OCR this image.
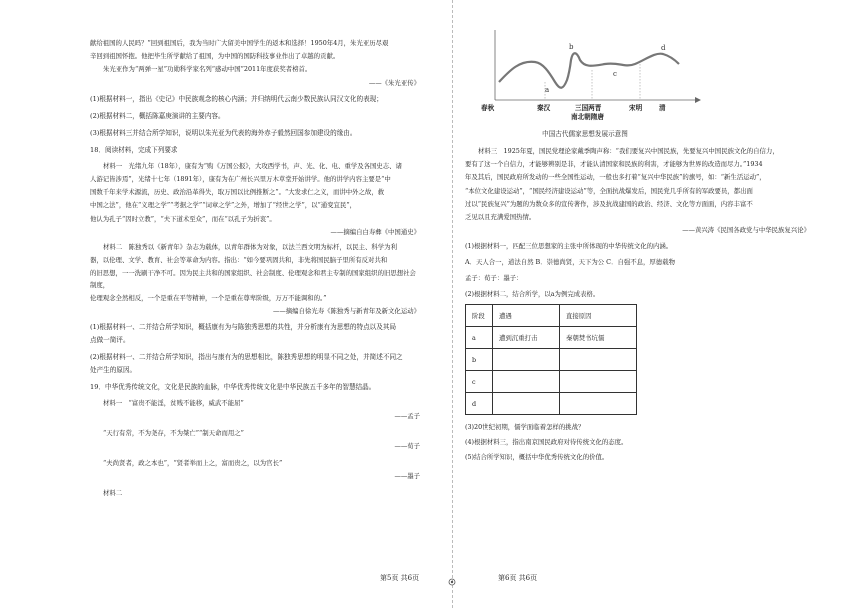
献给祖国的人民吗？”回到祖国后，我为当时广大留美中国学生的返本和选择！1950年4月，朱光亚历尽艰

辛回到祖国怀抱。他把毕生所学献给了祖国，为中国的国防科技事业作出了卓越的贡献。

朱光亚作为“两弹一星”功勋科学家名列“感动中国”2011年度获奖者榜首。

——《朱光亚传》

(1)根据材料一，指出《史记》中民族观念的核心内涵；并归纳明代云南少数民族认同汉文化的表现；

(2)根据材料二，概括陈嘉庚演讲的主要内容。

(3)根据材料三并结合所学知识，说明以朱光亚为代表的海外赤子毅然回国参加建设的缘由。

18．阅读材料，完成下列要求

材料一　光绪九年（18年），康有为“购《万国公报》，大攻西学书，声、光、化、电、重学及各国史志、诸

人游记皆涉焉”，光绪十七年（1891年），康有为在广州长兴里万木草堂开始讲学。他的讲学内容主要是“中

国数千年来学术源流，历史、政治沿革得失，取万国以比例推断之”。“大发求仁之义，而讲中外之故，救

中国之法”，他在“义理之学”“考据之学”“词章之学”之外，增加了“经世之学”，以“通变宜民”，

他认为孔子“因时立教”，“夫下道术至众”，而在“以孔子为折衷”。

——摘编自白寿彝《中国通史》

材料二　陈独秀以《新青年》杂志为载体，以青年群体为对象，以法兰西文明为标杆，以民主、科学为利

器，以伦理、文学、教育、社会等革命为内容。指出：“如今要巩固共和，非先将国民脑子里所有反对共和

的旧思想，一一洗刷干净不可。因为民主共和的国家组织、社会制度、伦理观念和君主专制的国家组织的旧思想社会制度，

伦理观念全然相反，一个是重在平等精神，一个是重在尊卑阶级，万万不能调和的。”

——摘编自徐光寿《陈独秀与新青年及新文化运动》

(1)根据材料一、二并结合所学知识，概括康有为与陈独秀思想的共性，并分析康有为思想的特点以及其局

点做一简评。

(2)根据材料一、二并结合所学知识，指出与康有为的思想相比，陈独秀思想的明显不同之处，并简述不同之

处产生的原因。

19．中华优秀传统文化，文化是民族的血脉，中华优秀传统文化是中华民族五千多年的智慧结晶。

材料一　“富贵不能淫，贫贱不能移，威武不能屈”

——孟子

“天行有常，不为尧存，不为桀亡”“制天命而用之”

——荀子

“夫尚贤者，政之本也”，“贤者举而上之，富而贵之，以为官长”

——墨子

材料二

第5页 共6页
a
b
c
d
春秋	秦汉	三国两晋
南北朝隋唐
宋明	清

中国古代儒家思想发展示意图

材料三　1925年夏，国民党理论家戴季陶声称：“我们要复兴中国民族，先要复兴中国民族文化的自信力，

要有了这一个自信力，才能够辨别是非，才能认清国家和民族的利害，才能够为世界的改造而尽力。”1934

年及其后，国民政府所发动的一些全国性运动，一般也多打着“复兴中华民族”的旗号，如：“新生活运动”，

“本位文化建设运动”，“国民经济建设运动”等，全面抗战爆发后，国民党几乎所有的军政要员，都出面

过以“民族复兴”为题的为数众多的宣传著作，涉及抗战建国的政治、经济、文化等方面面，内容丰富不

乏见以且充满爱国热情。

——黄兴涛《民国各政党与中华民族复兴论》

(1)根据材料一，匹配三位思想家的主张中所体现的中华传统文化的内涵。

A．天人合一，道法自然 B．崇德尚贤，天下为公 C．自强不息，厚德载物

孟子：荀子：墨子：

(2)根据材料二，结合所学，以a为例完成表格。

阶段	遭遇	直接原因
a	遭到沉重打击	秦朝焚书坑儒
b		
c		
d		

(3)20世纪初期，儒学面临着怎样的挑战？

(4)根据材料三，指出南京国民政府对待传统文化的态度。

(5)结合所学知识，概括中华优秀传统文化的价值。

第6页 共6页
